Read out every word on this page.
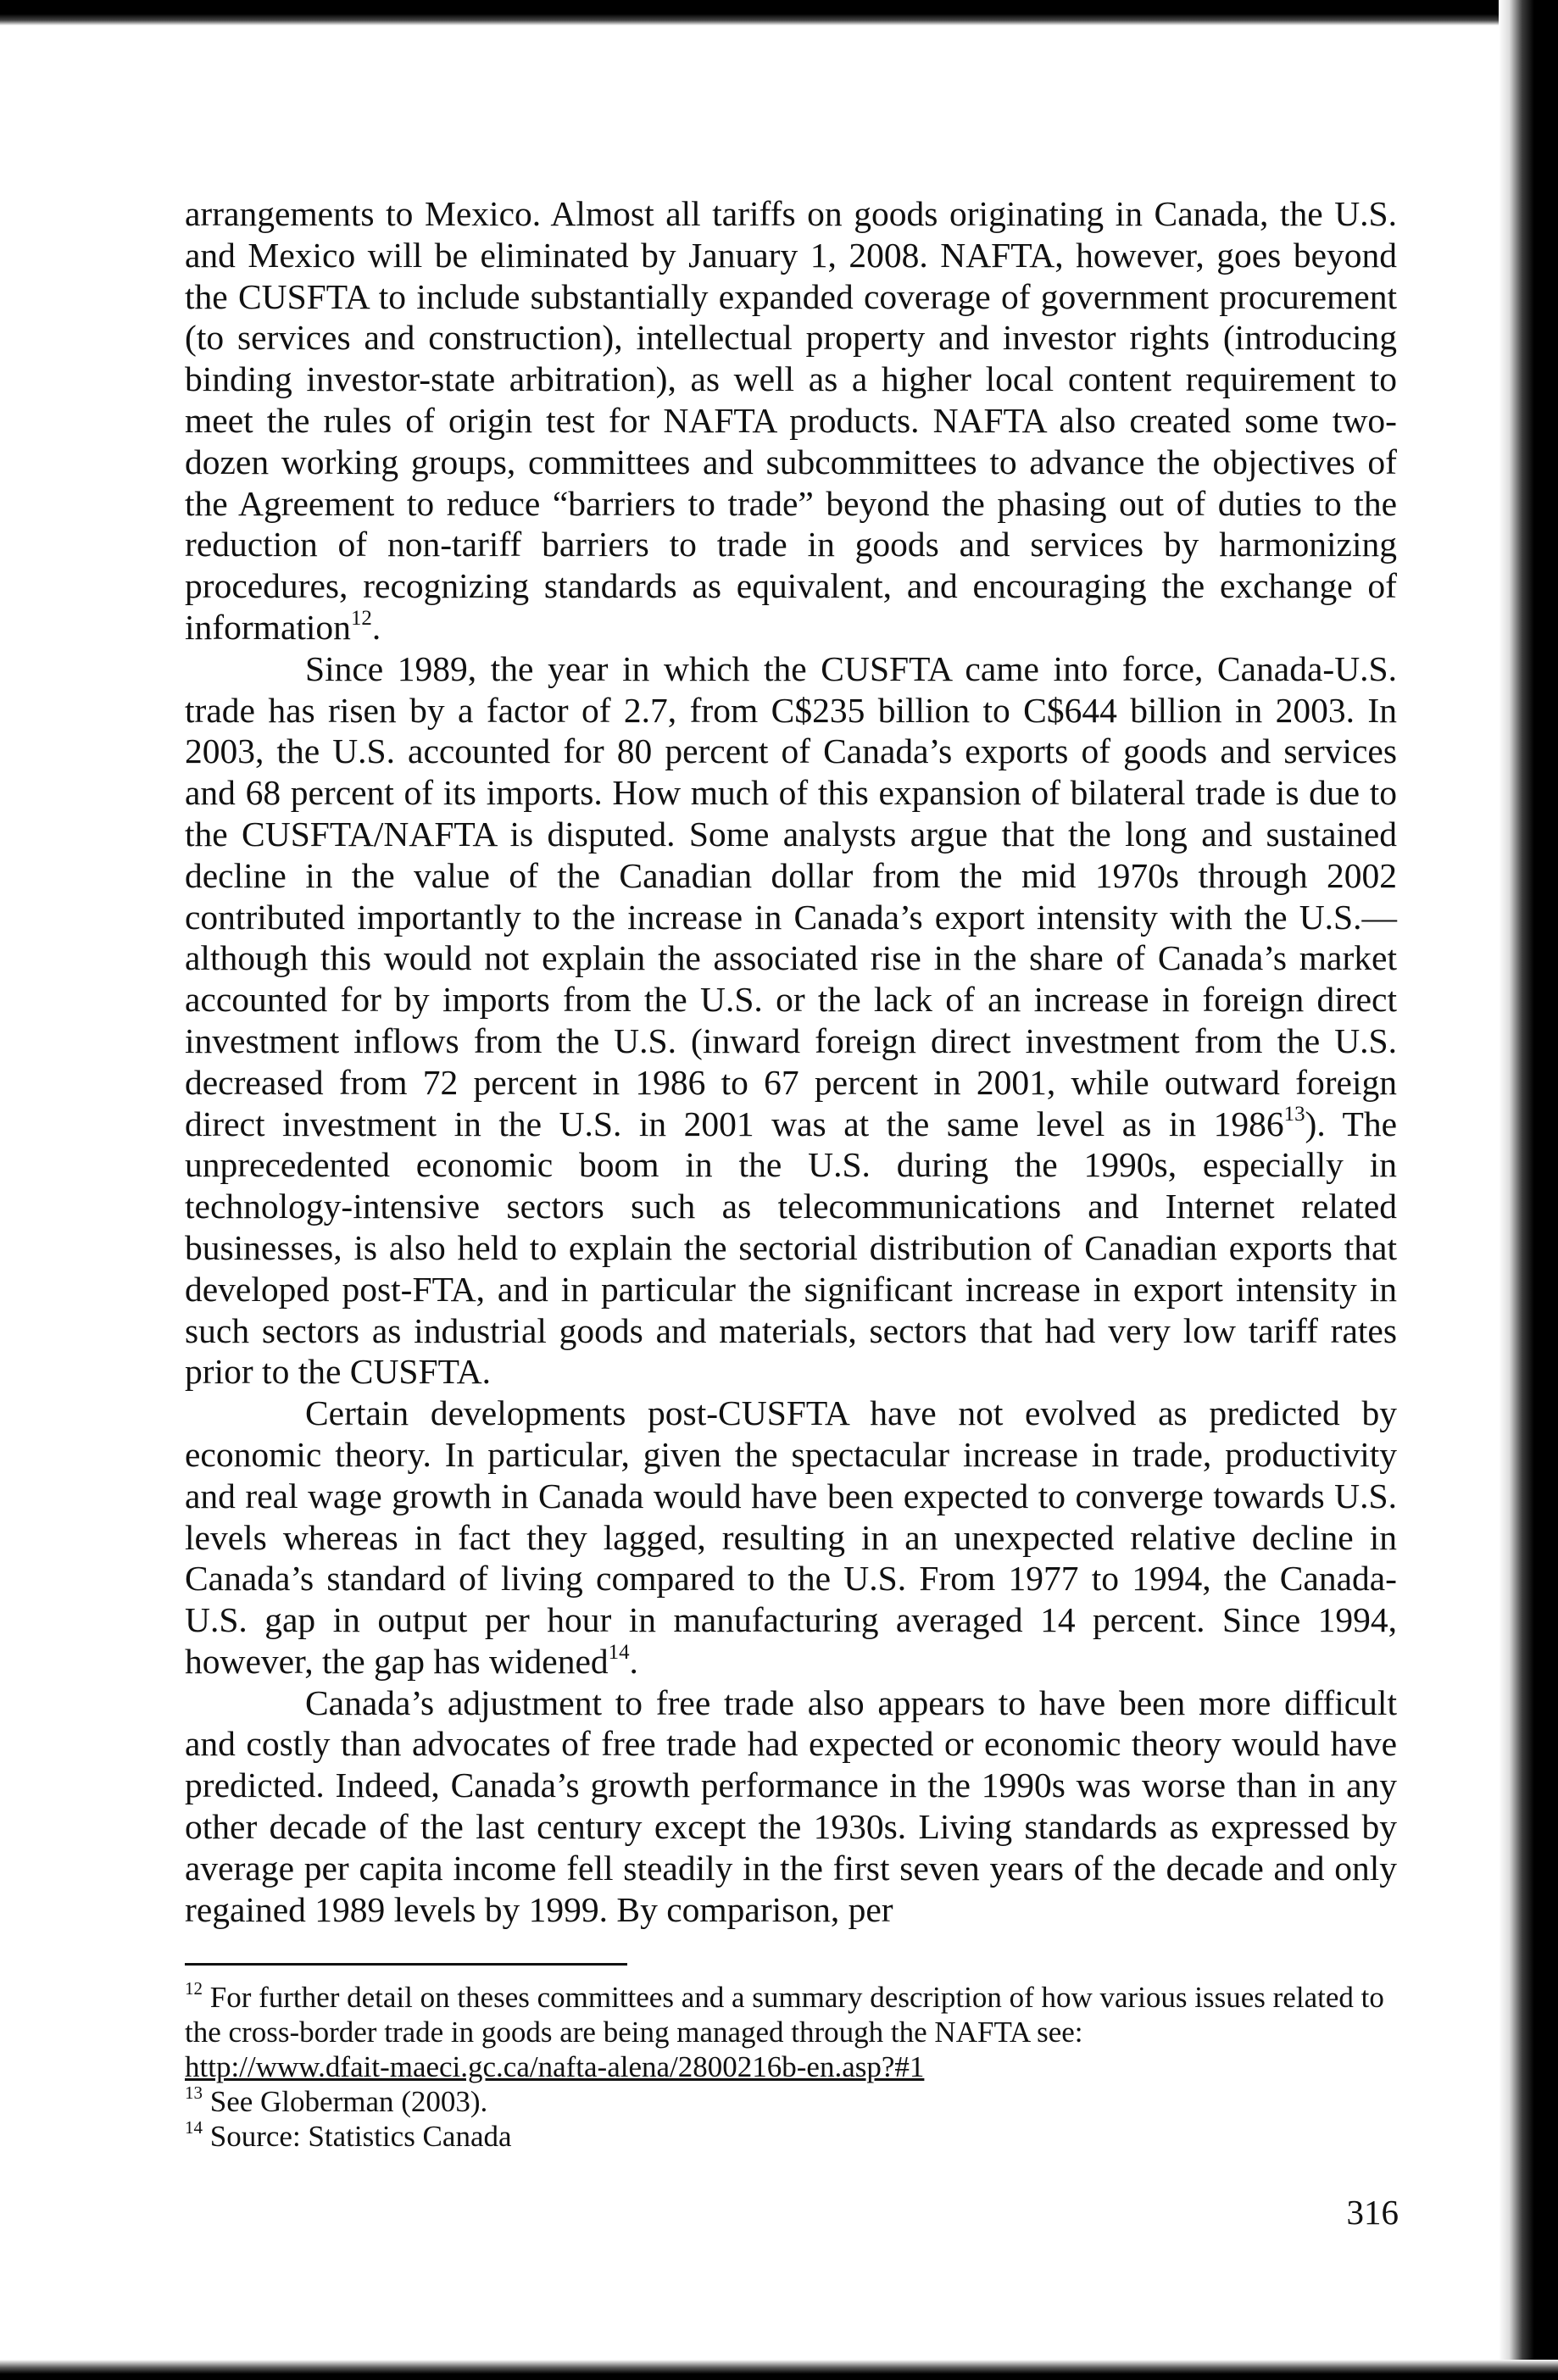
arrangements to Mexico. Almost all tariffs on goods originating in Canada, the U.S. and Mexico will be eliminated by January 1, 2008. NAFTA, however, goes beyond the CUSFTA to include substantially expanded coverage of government procurement (to services and construction), intellectual property and investor rights (introducing binding investor-state arbitration), as well as a higher local content requirement to meet the rules of origin test for NAFTA products. NAFTA also created some two-dozen working groups, committees and subcommittees to advance the objectives of the Agreement to reduce “barriers to trade” beyond the phasing out of duties to the reduction of non-tariff barriers to trade in goods and services by harmonizing procedures, recognizing standards as equivalent, and encouraging the exchange of information$^{12}$.

Since 1989, the year in which the CUSFTA came into force, Canada-U.S. trade has risen by a factor of 2.7, from C$235 billion to C$644 billion in 2003. In 2003, the U.S. accounted for 80 percent of Canada’s exports of goods and services and 68 percent of its imports. How much of this expansion of bilateral trade is due to the CUSFTA/NAFTA is disputed. Some analysts argue that the long and sustained decline in the value of the Canadian dollar from the mid 1970s through 2002 contributed importantly to the increase in Canada’s export intensity with the U.S.—although this would not explain the associated rise in the share of Canada’s market accounted for by imports from the U.S. or the lack of an increase in foreign direct investment inflows from the U.S. (inward foreign direct investment from the U.S. decreased from 72 percent in 1986 to 67 percent in 2001, while outward foreign direct investment in the U.S. in 2001 was at the same level as in 1986$^{13}$). The unprecedented economic boom in the U.S. during the 1990s, especially in technology-intensive sectors such as telecommunications and Internet related businesses, is also held to explain the sectorial distribution of Canadian exports that developed post-FTA, and in particular the significant increase in export intensity in such sectors as industrial goods and materials, sectors that had very low tariff rates prior to the CUSFTA.

Certain developments post-CUSFTA have not evolved as predicted by economic theory. In particular, given the spectacular increase in trade, productivity and real wage growth in Canada would have been expected to converge towards U.S. levels whereas in fact they lagged, resulting in an unexpected relative decline in Canada’s standard of living compared to the U.S. From 1977 to 1994, the Canada-U.S. gap in output per hour in manufacturing averaged 14 percent. Since 1994, however, the gap has widened$^{14}$.

Canada’s adjustment to free trade also appears to have been more difficult and costly than advocates of free trade had expected or economic theory would have predicted. Indeed, Canada’s growth performance in the 1990s was worse than in any other decade of the last century except the 1930s. Living standards as expressed by average per capita income fell steadily in the first seven years of the decade and only regained 1989 levels by 1999. By comparison, per

$^{12}$ For further detail on theses committees and a summary description of how various issues related to the cross-border trade in goods are being managed through the NAFTA see:
http://www.dfait-maeci.gc.ca/nafta-alena/2800216b-en.asp?#1

$^{13}$ See Globerman (2003).

$^{14}$ Source: Statistics Canada

316
